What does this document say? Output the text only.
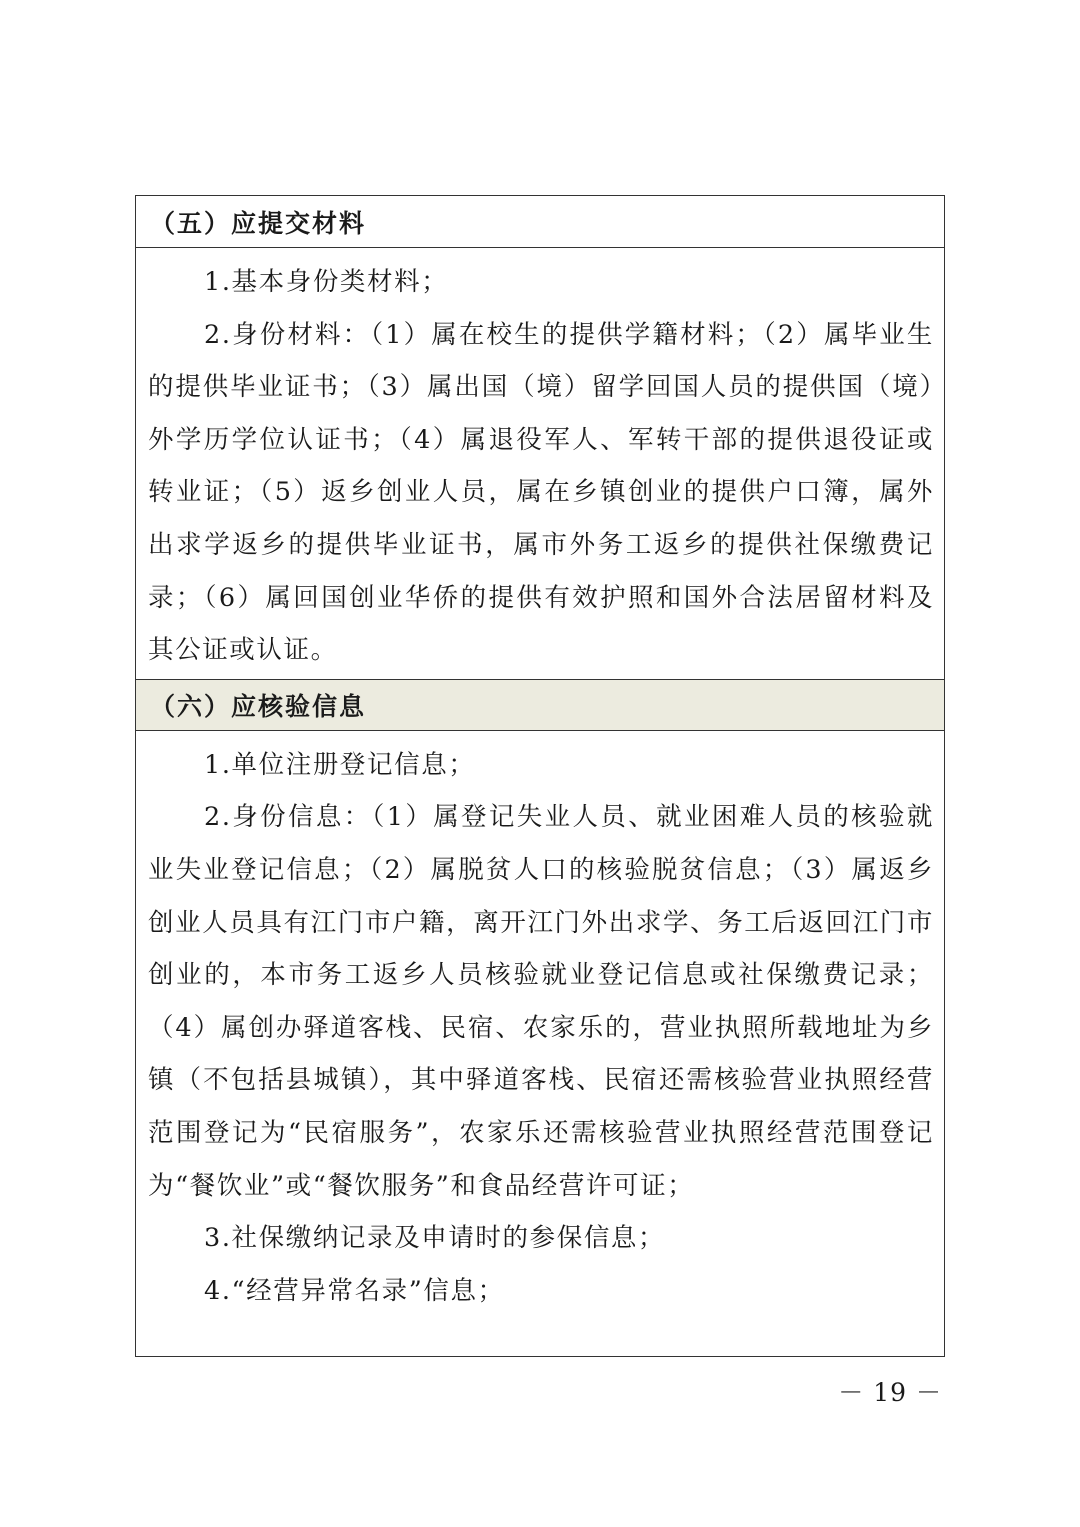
（五）应提交材料

1.基本身份类材料；

2.身份材料：（1）属在校生的提供学籍材料；（2）属毕业生的提供毕业证书；（3）属出国（境）留学回国人员的提供国（境）外学历学位认证书；（4）属退役军人、军转干部的提供退役证或转业证；（5）返乡创业人员，属在乡镇创业的提供户口簿，属外出求学返乡的提供毕业证书，属市外务工返乡的提供社保缴费记录；（6）属回国创业华侨的提供有效护照和国外合法居留材料及其公证或认证。

（六）应核验信息

1.单位注册登记信息；

2.身份信息：（1）属登记失业人员、就业困难人员的核验就业失业登记信息；（2）属脱贫人口的核验脱贫信息；（3）属返乡创业人员具有江门市户籍，离开江门外出求学、务工后返回江门市创业的，本市务工返乡人员核验就业登记信息或社保缴费记录；（4）属创办驿道客栈、民宿、农家乐的，营业执照所载地址为乡镇（不包括县城镇），其中驿道客栈、民宿还需核验营业执照经营范围登记为“民宿服务”，农家乐还需核验营业执照经营范围登记为“餐饮业”或“餐饮服务”和食品经营许可证；

3.社保缴纳记录及申请时的参保信息；

4.“经营异常名录”信息；

－ 19 －
